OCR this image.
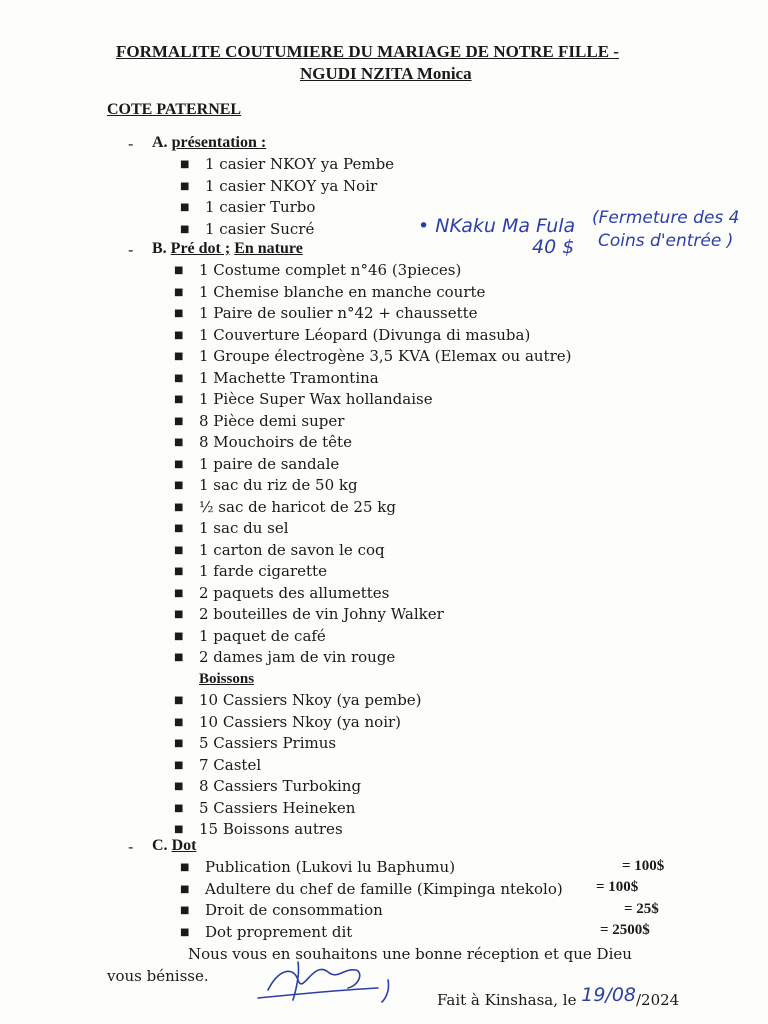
FORMALITE COUTUMIERE DU MARIAGE DE NOTRE FILLE -
NGUDI NZITA Monica
COTE PATERNEL
- A. présentation :
■ 1 casier NKOY ya Pembe
■ 1 casier NKOY ya Noir
■ 1 casier Turbo
■ 1 casier Sucré	• NKaku Ma Fula
40 $
(Fermeture des 4
Coins d'entrée )
- B. Pré dot ; En nature
■ 1 Costume complet n°46 (3pieces)
■ 1 Chemise blanche en manche courte
■ 1 Paire de soulier n°42 + chaussette
■ 1 Couverture Léopard (Divunga di masuba)
■ 1 Groupe électrogène 3,5 KVA (Elemax ou autre)
■ 1 Machette Tramontina
■ 1 Pièce Super Wax hollandaise
■ 8 Pièce demi super
■ 8 Mouchoirs de tête
■ 1 paire de sandale
■ 1 sac du riz de 50 kg
■ ½ sac de haricot de 25 kg
■ 1 sac du sel
■ 1 carton de savon le coq
■ 1 farde cigarette
■ 2 paquets des allumettes
■ 2 bouteilles de vin Johny Walker
■ 1 paquet de café
■ 2 dames jam de vin rouge
Boissons
■ 10 Cassiers Nkoy (ya pembe)
■ 10 Cassiers Nkoy (ya noir)
■ 5 Cassiers Primus
■ 7 Castel
■ 8 Cassiers Turboking
■ 5 Cassiers Heineken
■ 15 Boissons autres
- C. Dot
■ Publication (Lukovi lu Baphumu)
■ Adultere du chef de famille (Kimpinga ntekolo)
■ Droit de consommation
■ Dot proprement dit
= 100$
= 100$
= 25$
= 2500$
Nous vous en souhaitons une bonne réception et que Dieu
vous bénisse.
Fait à Kinshasa, le 19/08/2024
